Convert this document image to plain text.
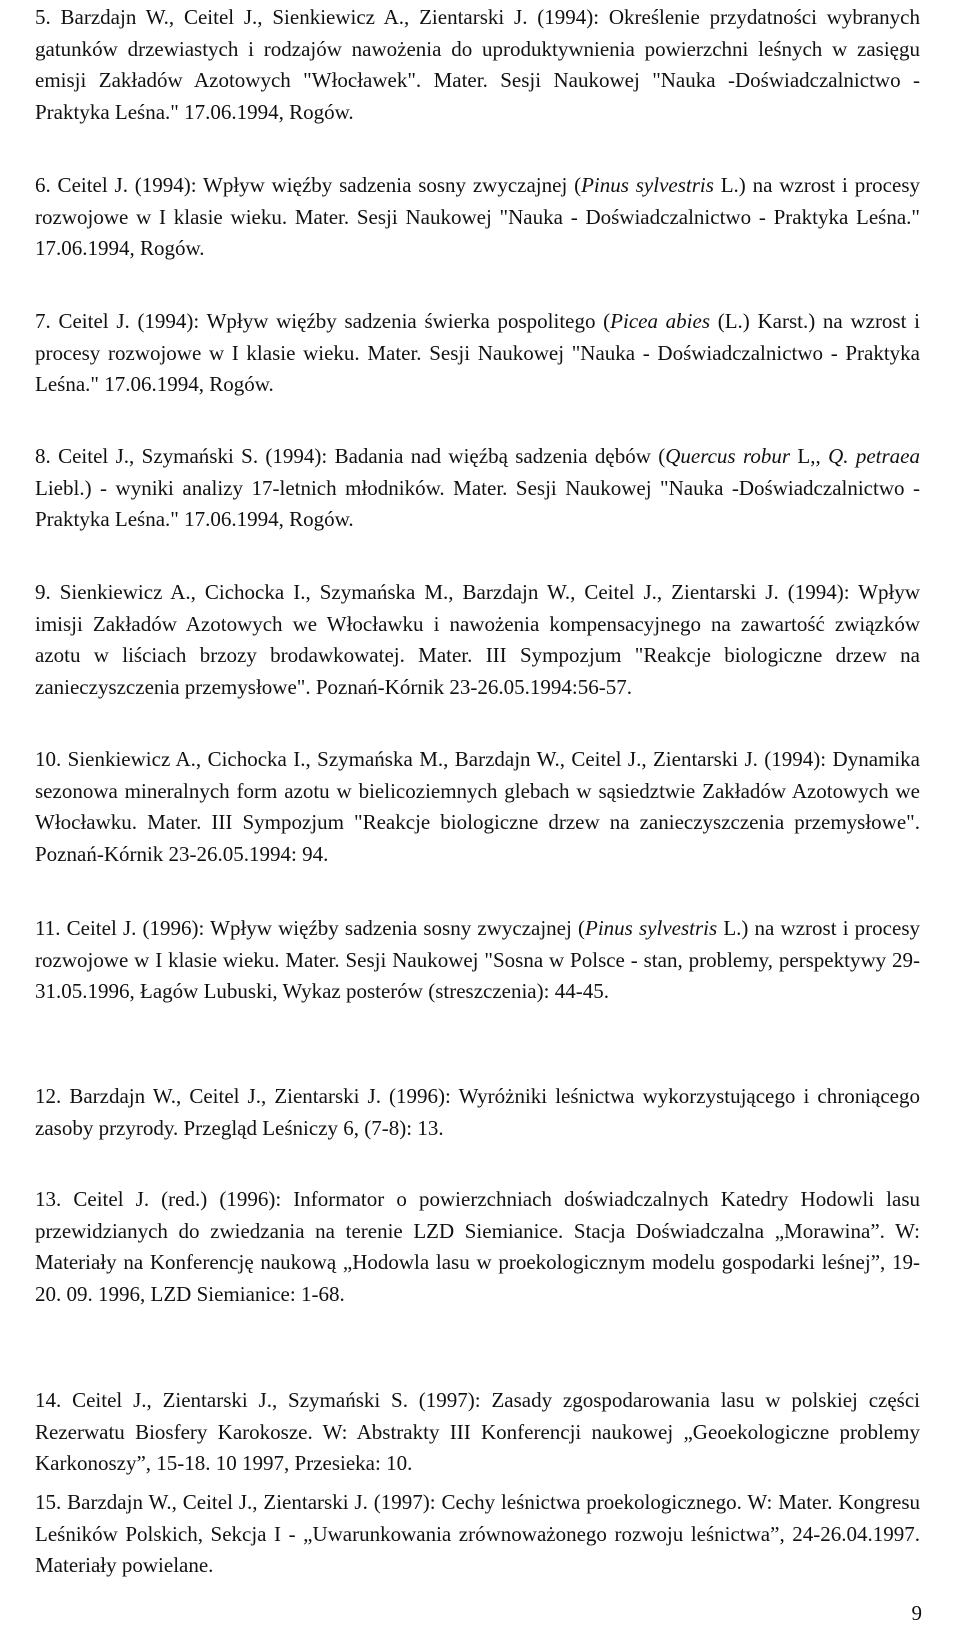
5. Barzdajn W., Ceitel J., Sienkiewicz A., Zientarski J. (1994): Określenie przydatności wybranych gatunków drzewiastych i rodzajów nawożenia do uproduktywnienia powierzchni leśnych w zasięgu emisji Zakładów Azotowych "Włocławek". Mater. Sesji Naukowej "Nauka -Doświadczalnictwo - Praktyka Leśna." 17.06.1994, Rogów.

6. Ceitel J. (1994): Wpływ więźby sadzenia sosny zwyczajnej (Pinus sylvestris L.) na wzrost i procesy rozwojowe w I klasie wieku. Mater. Sesji Naukowej "Nauka - Doświadczalnictwo - Praktyka Leśna." 17.06.1994, Rogów.

7. Ceitel J. (1994): Wpływ więźby sadzenia świerka pospolitego (Picea abies (L.) Karst.) na wzrost i procesy rozwojowe w I klasie wieku. Mater. Sesji Naukowej "Nauka - Doświadczalnictwo - Praktyka Leśna." 17.06.1994, Rogów.

8. Ceitel J., Szymański S. (1994): Badania nad więźbą sadzenia dębów (Quercus robur L,, Q. petraea Liebl.) - wyniki analizy 17-letnich młodników. Mater. Sesji Naukowej "Nauka -Doświadczalnictwo - Praktyka Leśna." 17.06.1994, Rogów.

9. Sienkiewicz A., Cichocka I., Szymańska M., Barzdajn W., Ceitel J., Zientarski J. (1994): Wpływ imisji Zakładów Azotowych we Włocławku i nawożenia kompensacyjnego na zawartość związków azotu w liściach brzozy brodawkowatej. Mater. III Sympozjum "Reakcje biologiczne drzew na zanieczyszczenia przemysłowe". Poznań-Kórnik 23-26.05.1994:56-57.

10. Sienkiewicz A., Cichocka I., Szymańska M., Barzdajn W., Ceitel J., Zientarski J. (1994): Dynamika sezonowa mineralnych form azotu w bielicoziemnych glebach w sąsiedztwie Zakładów Azotowych we Włocławku. Mater. III Sympozjum "Reakcje biologiczne drzew na zanieczyszczenia przemysłowe". Poznań-Kórnik 23-26.05.1994: 94.

11. Ceitel J. (1996): Wpływ więźby sadzenia sosny zwyczajnej (Pinus sylvestris L.) na wzrost i procesy rozwojowe w I klasie wieku. Mater. Sesji Naukowej "Sosna w Polsce - stan, problemy, perspektywy 29-31.05.1996, Łagów Lubuski, Wykaz posterów (streszczenia): 44-45.

12. Barzdajn W., Ceitel J., Zientarski J. (1996): Wyróżniki leśnictwa wykorzystującego i chroniącego zasoby przyrody. Przegląd Leśniczy 6, (7-8): 13.

13. Ceitel J. (red.) (1996): Informator o powierzchniach doświadczalnych Katedry Hodowli lasu przewidzianych do zwiedzania na terenie LZD Siemianice. Stacja Doświadczalna „Morawina”. W: Materiały na Konferencję naukową „Hodowla lasu w proekologicznym modelu gospodarki leśnej”, 19-20. 09. 1996, LZD Siemianice: 1-68.

14. Ceitel J., Zientarski J., Szymański S. (1997): Zasady zgospodarowania lasu w polskiej części Rezerwatu Biosfery Karokosze. W: Abstrakty III Konferencji naukowej „Geoekologiczne problemy Karkonoszy”, 15-18. 10 1997, Przesieka: 10.

15. Barzdajn W., Ceitel J., Zientarski J. (1997): Cechy leśnictwa proekologicznego. W: Mater. Kongresu Leśników Polskich, Sekcja I - „Uwarunkowania zrównoważonego rozwoju leśnictwa”, 24-26.04.1997. Materiały powielane.

9
